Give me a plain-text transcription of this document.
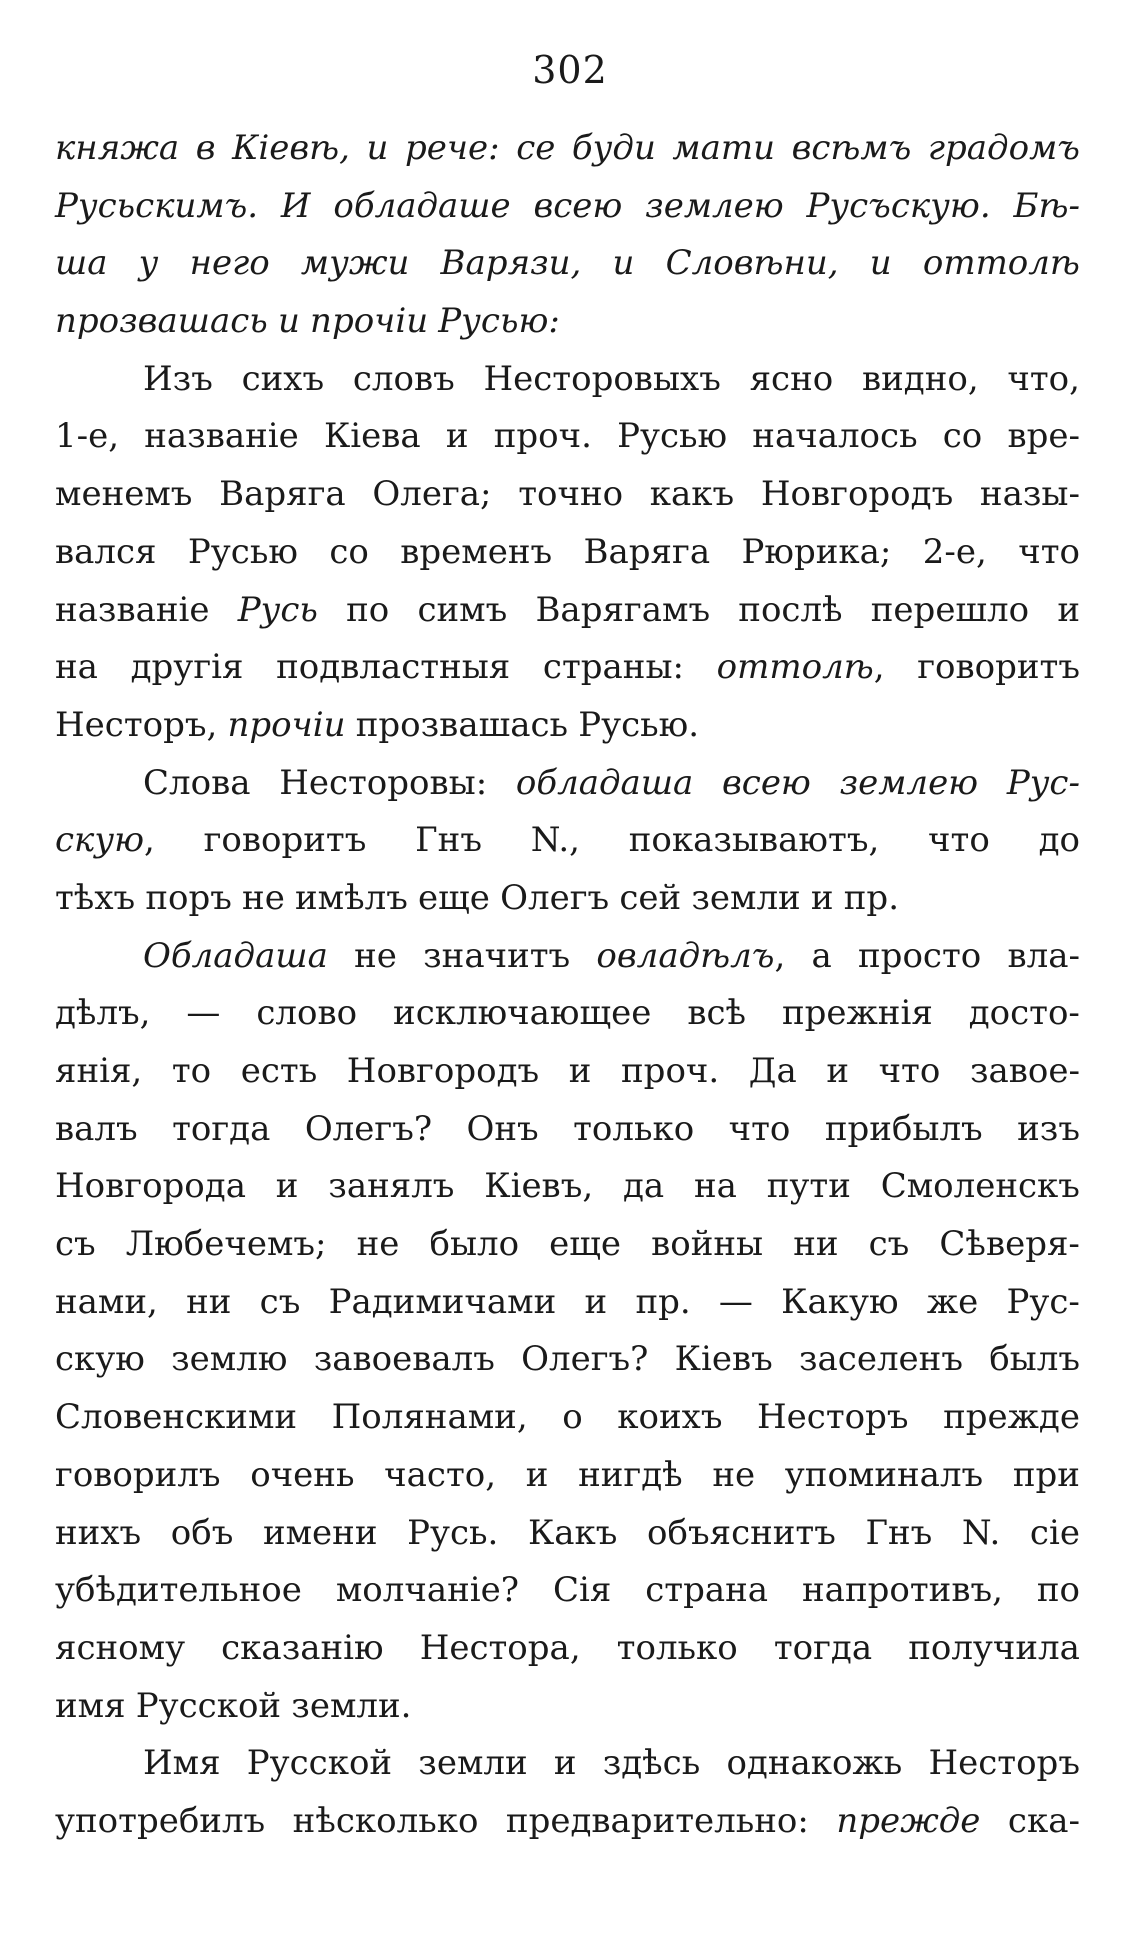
302
княжа в Кіевѣ, и рече: се буди мати всѣмъ градомъ
Русьскимъ. И обладаше всею землею Русъскую. Бѣ-
ша у него мужи Варязи, и Словѣни, и оттолѣ
прозвашась и прочіи Русью:
Изъ сихъ словъ Несторовыхъ ясно видно, что,
1-е, названіе Кіева и проч. Русью началось со вре-
менемъ Варяга Олега; точно какъ Новгородъ назы-
вался Русью со временъ Варяга Рюрика; 2-е, что
названіе Русь по симъ Варягамъ послѣ перешло и
на другія подвластныя страны: оттолѣ, говоритъ
Несторъ, прочіи прозвашась Русью.
Слова Несторовы: обладаша всею землею Рус-
скую, говоритъ Гнъ N., показываютъ, что до
тѣхъ поръ не имѣлъ еще Олегъ сей земли и пр.
Обладаша не значитъ овладѣлъ, а просто вла-
дѣлъ, — слово исключающее всѣ прежнія досто-
янія, то есть Новгородъ и проч. Да и что завое-
валъ тогда Олегъ? Онъ только что прибылъ изъ
Новгорода и занялъ Кіевъ, да на пути Смоленскъ
съ Любечемъ; не было еще войны ни съ Сѣверя-
нами, ни съ Радимичами и пр. — Какую же Рус-
скую землю завоевалъ Олегъ? Кіевъ заселенъ былъ
Словенскими Полянами, о коихъ Несторъ прежде
говорилъ очень часто, и нигдѣ не упоминалъ при
нихъ объ имени Русь. Какъ объяснитъ Гнъ N. сіе
убѣдительное молчаніе? Сія страна напротивъ, по
ясному сказанію Нестора, только тогда получила
имя Русской земли.
Имя Русской земли и здѣсь однакожь Несторъ
употребилъ нѣсколько предварительно: прежде ска-
